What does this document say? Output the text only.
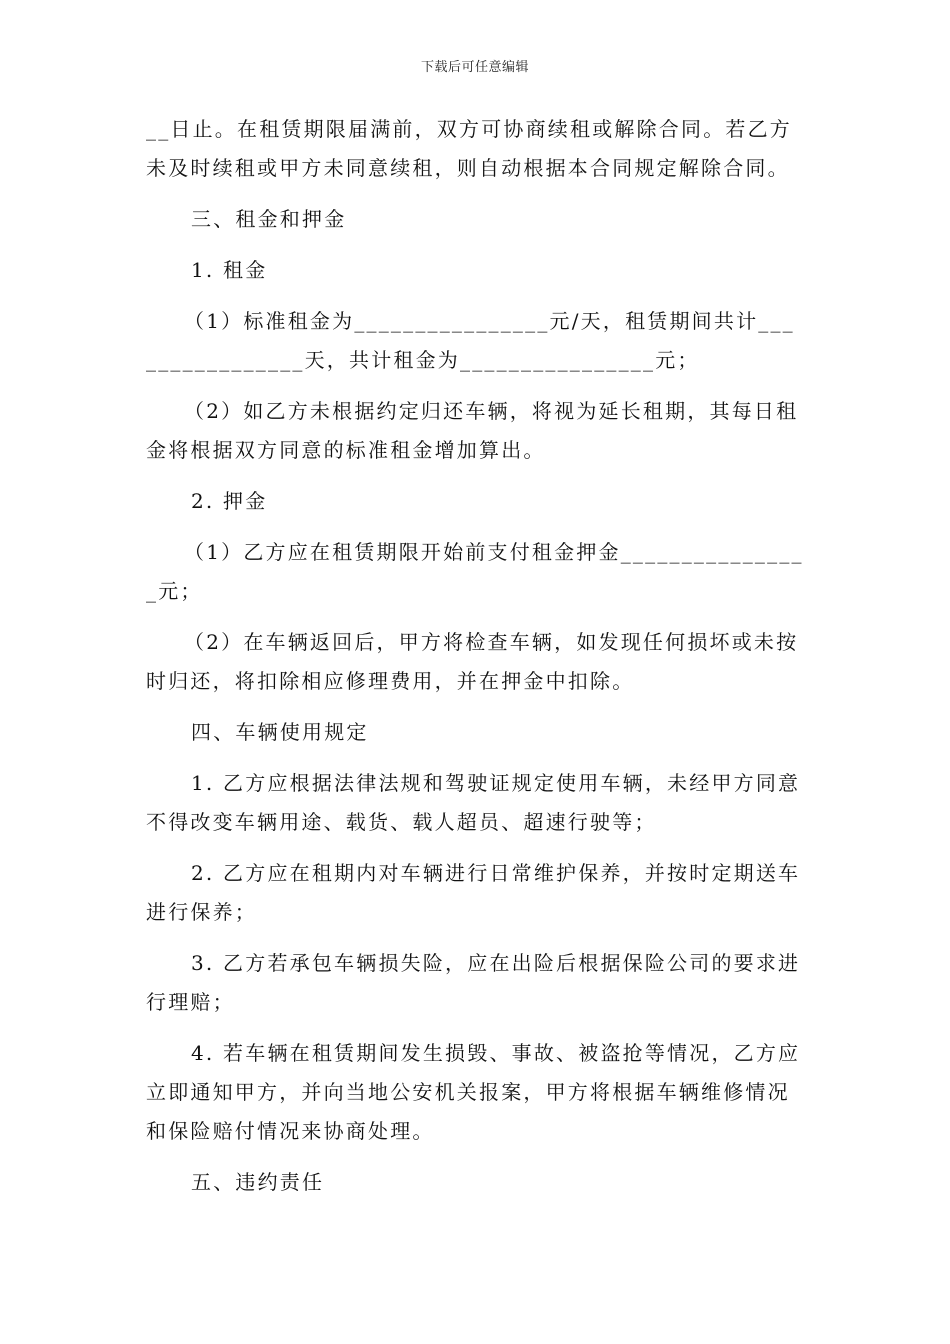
下载后可任意编辑

__日止。在租赁期限届满前，双方可协商续租或解除合同。若乙方未及时续租或甲方未同意续租，则自动根据本合同规定解除合同。

三、租金和押金

1. 租金

（1）标准租金为________________元/天，租赁期间共计________________天，共计租金为________________元；

（2）如乙方未根据约定归还车辆，将视为延长租期，其每日租金将根据双方同意的标准租金增加算出。

2. 押金

（1）乙方应在租赁期限开始前支付租金押金________________元；

（2）在车辆返回后，甲方将检查车辆，如发现任何损坏或未按时归还，将扣除相应修理费用，并在押金中扣除。

四、车辆使用规定

1. 乙方应根据法律法规和驾驶证规定使用车辆，未经甲方同意不得改变车辆用途、载货、载人超员、超速行驶等；

2. 乙方应在租期内对车辆进行日常维护保养，并按时定期送车进行保养；

3. 乙方若承包车辆损失险，应在出险后根据保险公司的要求进行理赔；

4. 若车辆在租赁期间发生损毁、事故、被盗抢等情况，乙方应立即通知甲方，并向当地公安机关报案，甲方将根据车辆维修情况和保险赔付情况来协商处理。

五、违约责任
